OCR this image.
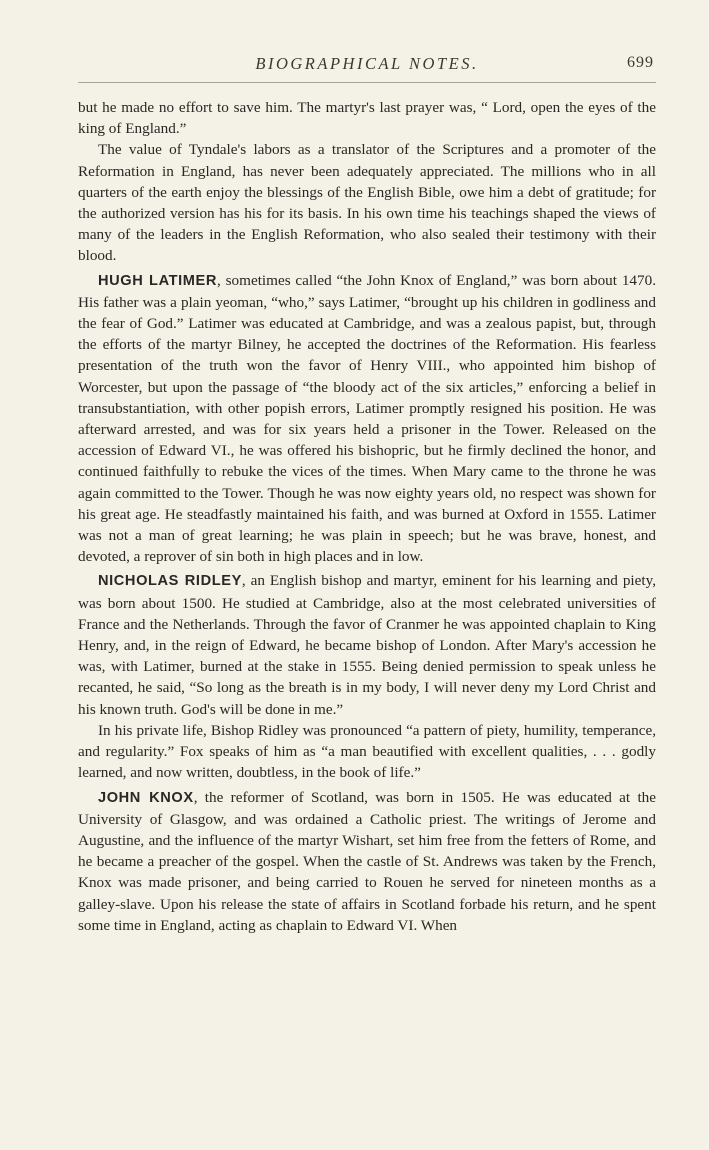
BIOGRAPHICAL NOTES.	699

but he made no effort to save him. The martyr's last prayer was, “ Lord, open the eyes of the king of England.”

The value of Tyndale's labors as a translator of the Scriptures and a promoter of the Reformation in England, has never been adequately appreciated. The millions who in all quarters of the earth enjoy the blessings of the English Bible, owe him a debt of gratitude; for the authorized version has his for its basis. In his own time his teachings shaped the views of many of the leaders in the English Reformation, who also sealed their testimony with their blood.

HUGH LATIMER, sometimes called “the John Knox of England,” was born about 1470. His father was a plain yeoman, “who,” says Latimer, “brought up his children in godliness and the fear of God.” Latimer was educated at Cambridge, and was a zealous papist, but, through the efforts of the martyr Bilney, he accepted the doctrines of the Reformation. His fearless presentation of the truth won the favor of Henry VIII., who appointed him bishop of Worcester, but upon the passage of “the bloody act of the six articles,” enforcing a belief in transubstantiation, with other popish errors, Latimer promptly resigned his position. He was afterward arrested, and was for six years held a prisoner in the Tower. Released on the accession of Edward VI., he was offered his bishopric, but he firmly declined the honor, and continued faithfully to rebuke the vices of the times. When Mary came to the throne he was again committed to the Tower. Though he was now eighty years old, no respect was shown for his great age. He steadfastly maintained his faith, and was burned at Oxford in 1555. Latimer was not a man of great learning; he was plain in speech; but he was brave, honest, and devoted, a reprover of sin both in high places and in low.

NICHOLAS RIDLEY, an English bishop and martyr, eminent for his learning and piety, was born about 1500. He studied at Cambridge, also at the most celebrated universities of France and the Netherlands. Through the favor of Cranmer he was appointed chaplain to King Henry, and, in the reign of Edward, he became bishop of London. After Mary's accession he was, with Latimer, burned at the stake in 1555. Being denied permission to speak unless he recanted, he said, “So long as the breath is in my body, I will never deny my Lord Christ and his known truth. God's will be done in me.”

In his private life, Bishop Ridley was pronounced “a pattern of piety, humility, temperance, and regularity.” Fox speaks of him as “a man beautified with excellent qualities, . . . godly learned, and now written, doubtless, in the book of life.”

JOHN KNOX, the reformer of Scotland, was born in 1505. He was educated at the University of Glasgow, and was ordained a Catholic priest. The writings of Jerome and Augustine, and the influence of the martyr Wishart, set him free from the fetters of Rome, and he became a preacher of the gospel. When the castle of St. Andrews was taken by the French, Knox was made prisoner, and being carried to Rouen he served for nineteen months as a galley-slave. Upon his release the state of affairs in Scotland forbade his return, and he spent some time in England, acting as chaplain to Edward VI. When
